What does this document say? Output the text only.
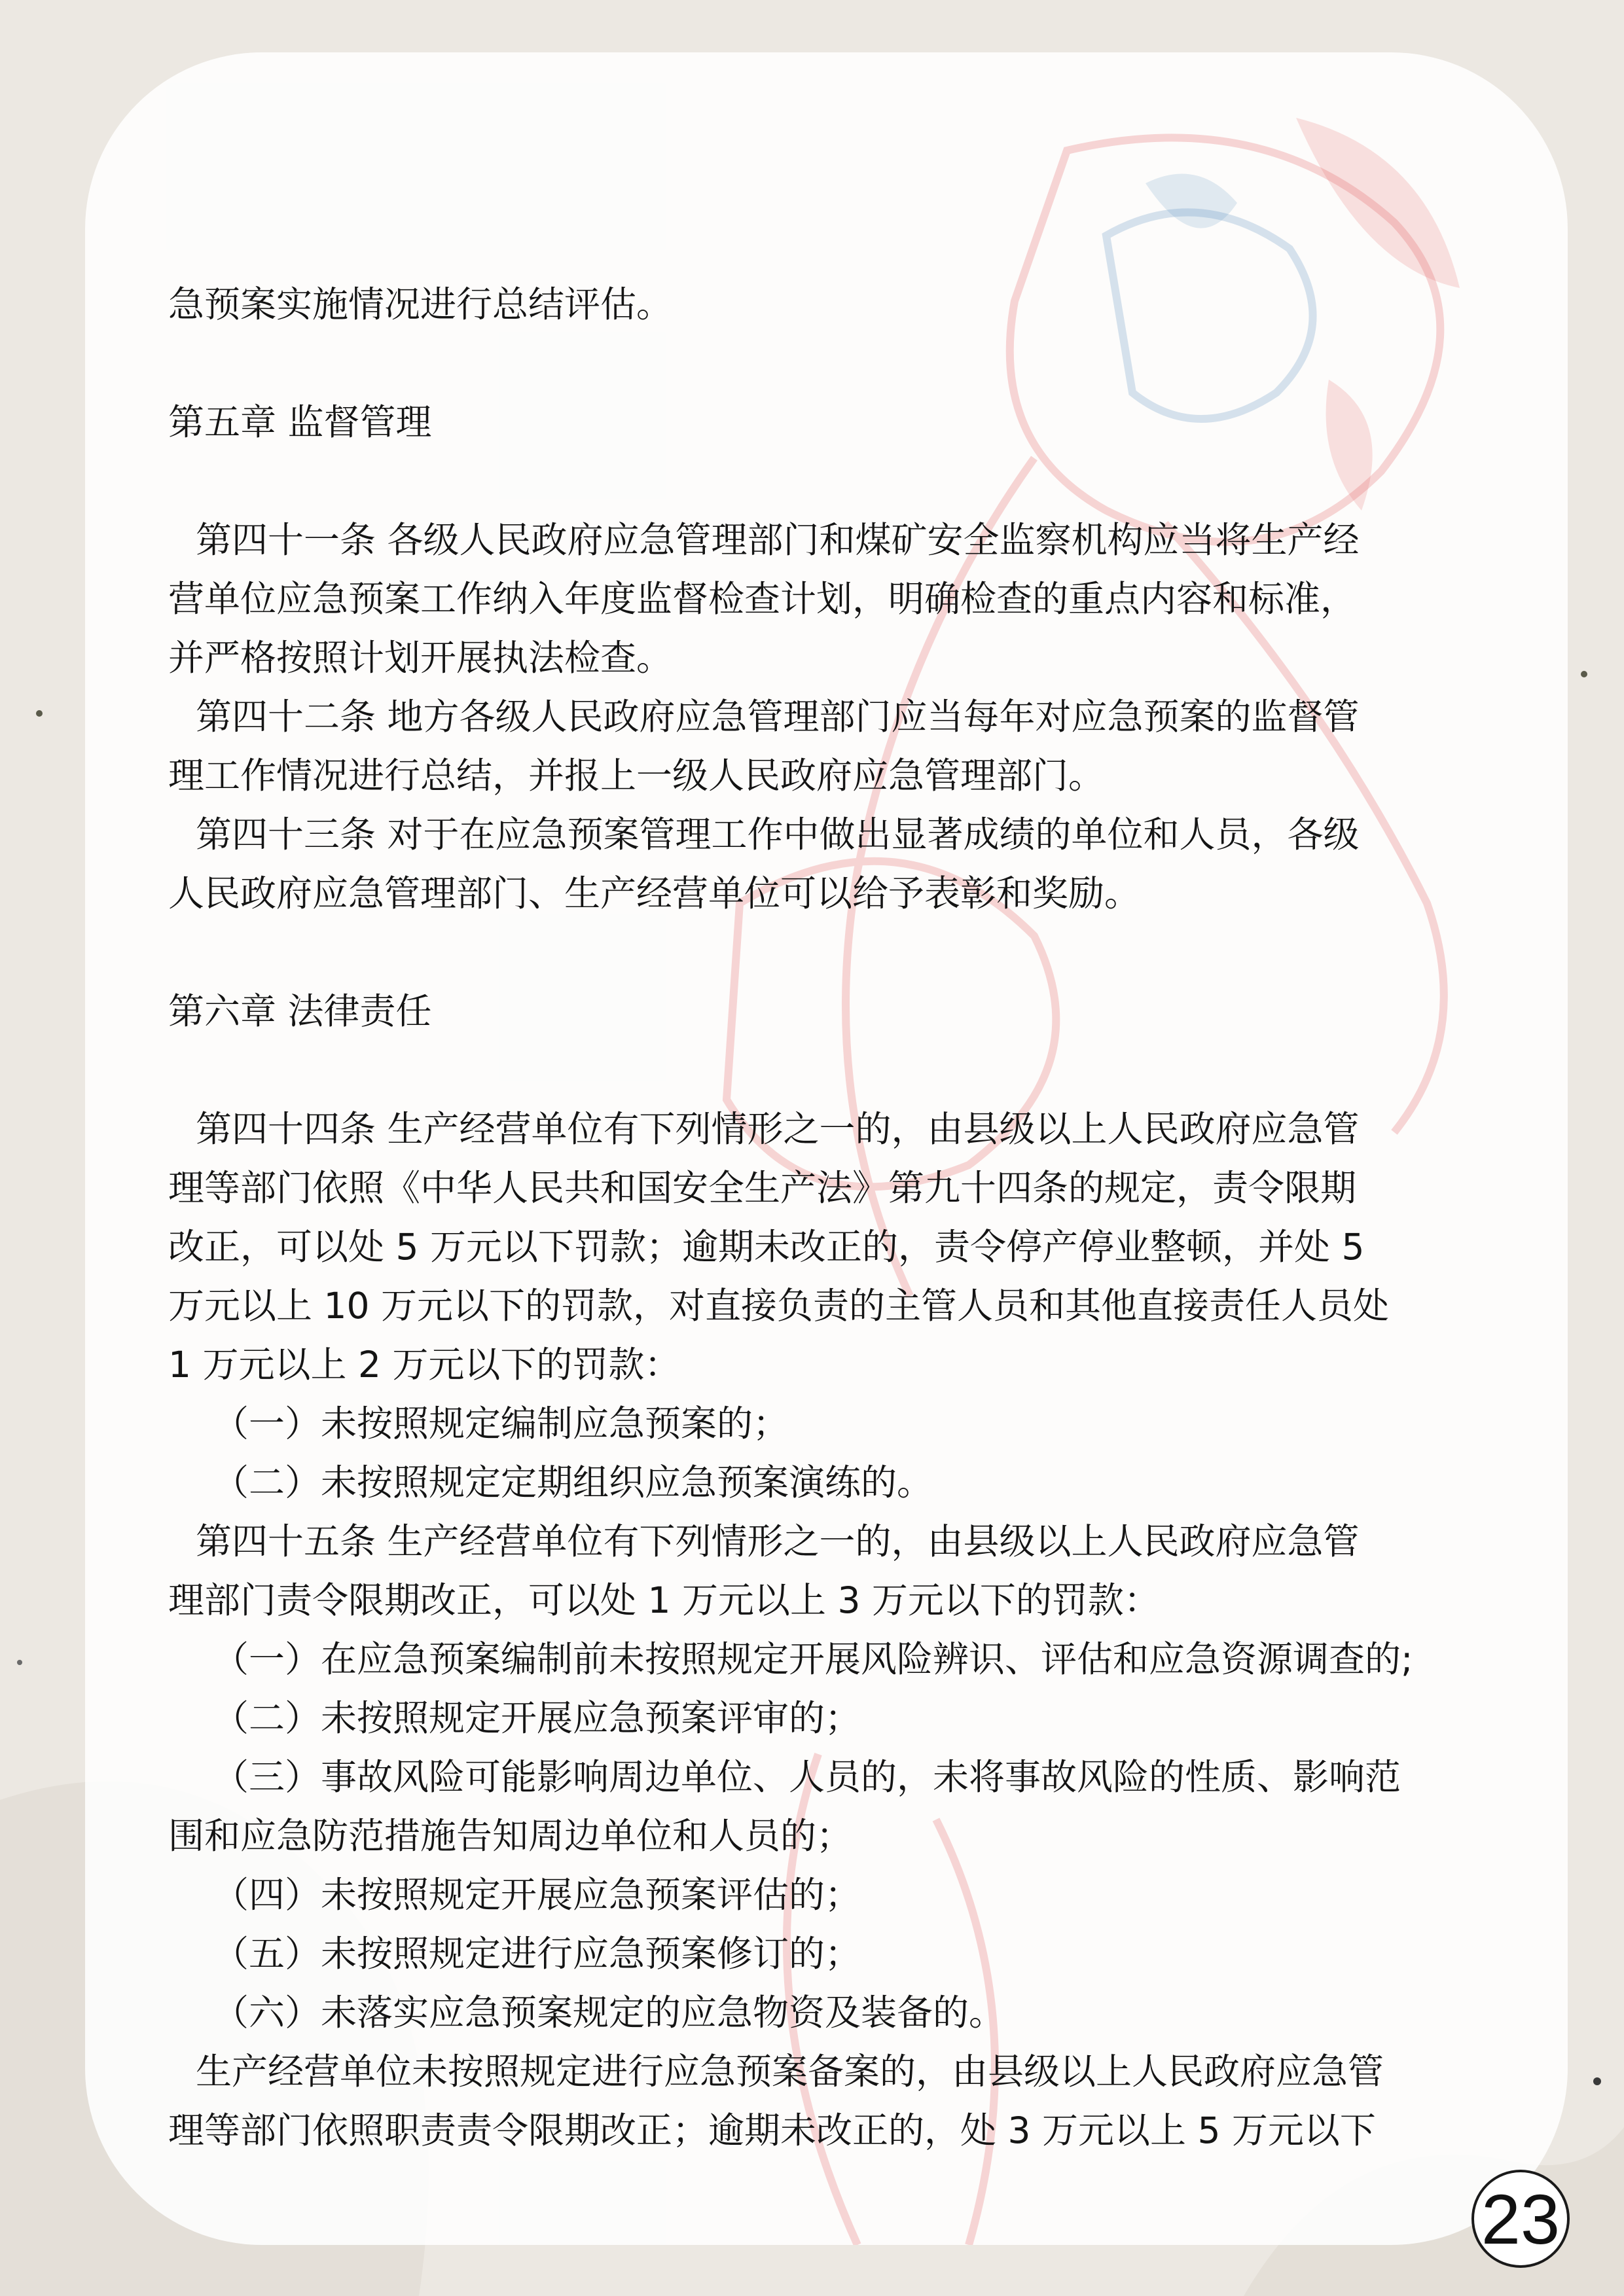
急预案实施情况进行总结评估。

第五章 监督管理

第四十一条 各级人民政府应急管理部门和煤矿安全监察机构应当将生产经

营单位应急预案工作纳入年度监督检查计划，明确检查的重点内容和标准，

并严格按照计划开展执法检查。

第四十二条 地方各级人民政府应急管理部门应当每年对应急预案的监督管

理工作情况进行总结，并报上一级人民政府应急管理部门。

第四十三条 对于在应急预案管理工作中做出显著成绩的单位和人员，各级

人民政府应急管理部门、生产经营单位可以给予表彰和奖励。

第六章 法律责任

第四十四条 生产经营单位有下列情形之一的，由县级以上人民政府应急管

理等部门依照《中华人民共和国安全生产法》第九十四条的规定，责令限期

改正，可以处 5 万元以下罚款；逾期未改正的，责令停产停业整顿，并处 5

万元以上 10 万元以下的罚款，对直接负责的主管人员和其他直接责任人员处

1 万元以上 2 万元以下的罚款：

（一）未按照规定编制应急预案的；

（二）未按照规定定期组织应急预案演练的。

第四十五条 生产经营单位有下列情形之一的，由县级以上人民政府应急管

理部门责令限期改正，可以处 1 万元以上 3 万元以下的罚款：

（一）在应急预案编制前未按照规定开展风险辨识、评估和应急资源调查的;

（二）未按照规定开展应急预案评审的；

（三）事故风险可能影响周边单位、人员的，未将事故风险的性质、影响范

围和应急防范措施告知周边单位和人员的；

（四）未按照规定开展应急预案评估的；

（五）未按照规定进行应急预案修订的；

（六）未落实应急预案规定的应急物资及装备的。

生产经营单位未按照规定进行应急预案备案的，由县级以上人民政府应急管

理等部门依照职责责令限期改正；逾期未改正的，处 3 万元以上 5 万元以下

23
